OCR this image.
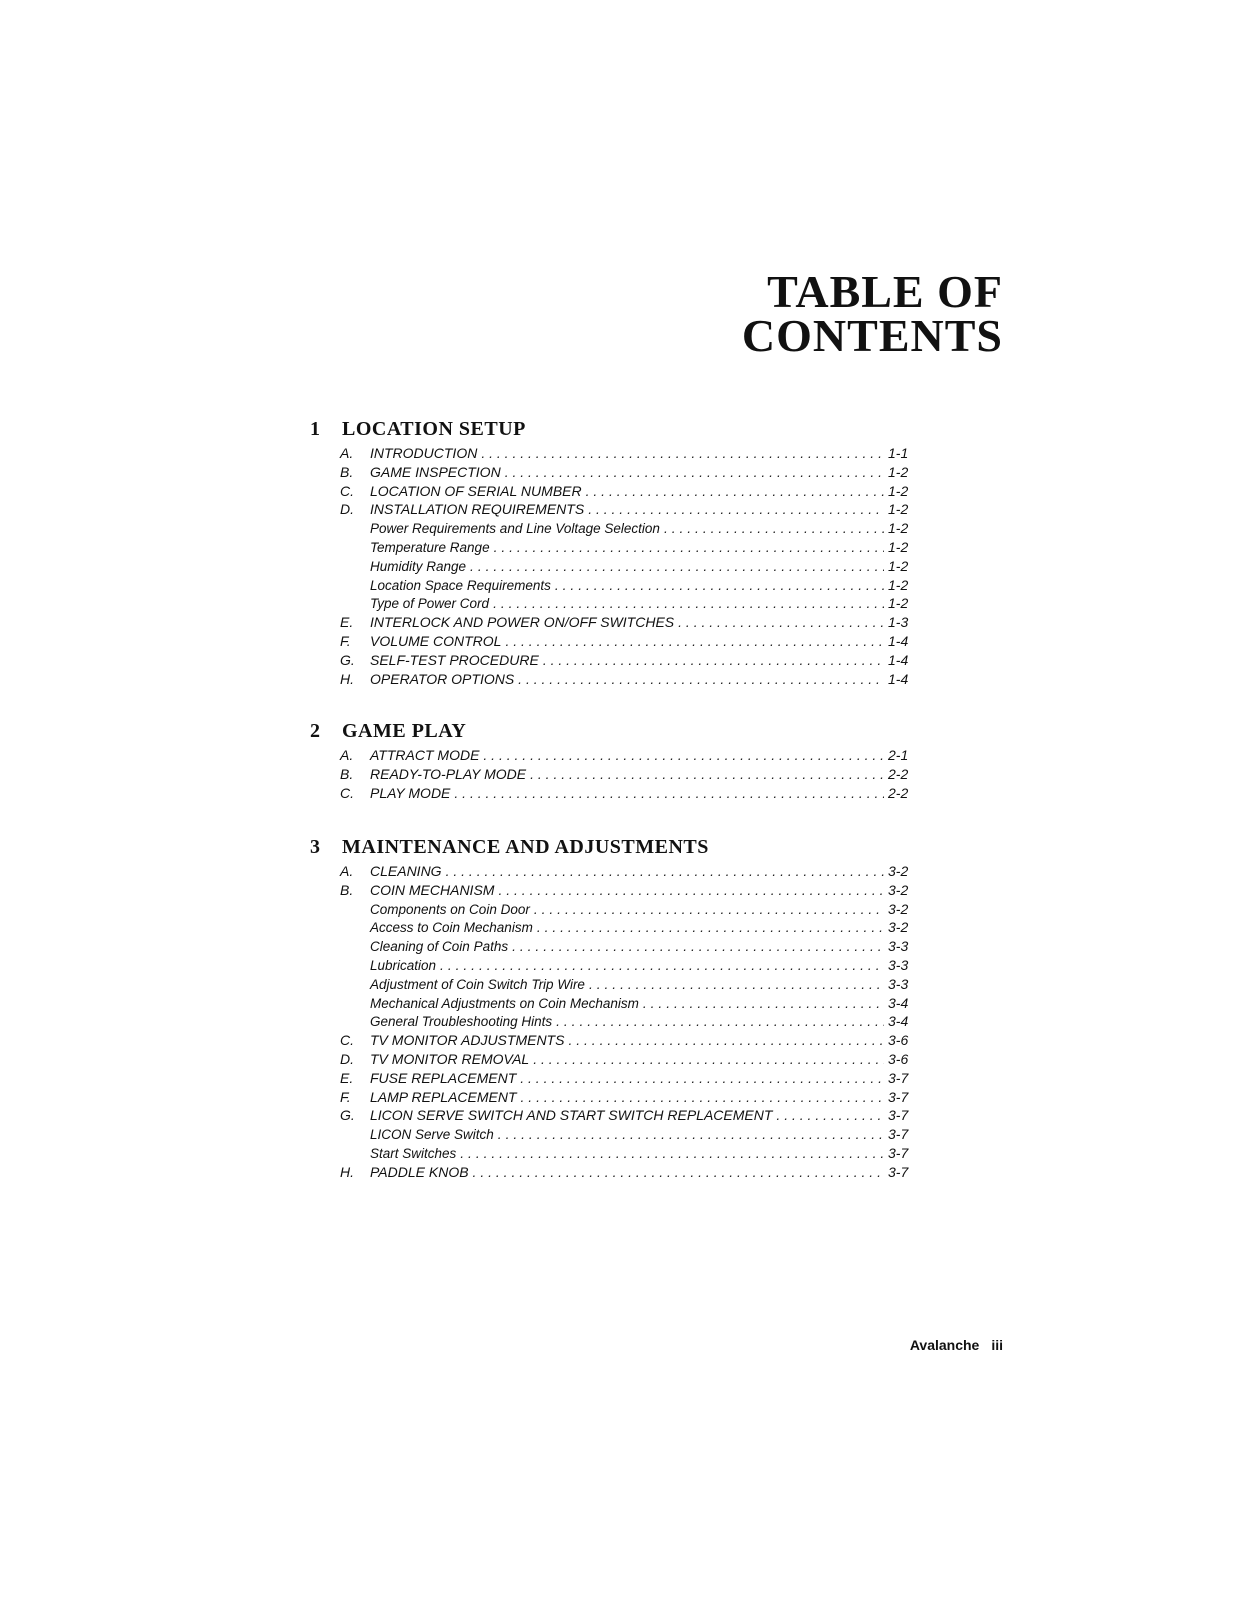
TABLE OF
CONTENTS
1	LOCATION SETUP
A.	INTRODUCTION . . .	1-1
B.	GAME INSPECTION . . .	1-2
C.	LOCATION OF SERIAL NUMBER . . .	1-2
D.	INSTALLATION REQUIREMENTS . . .	1-2
Power Requirements and Line Voltage Selection . . .	1-2
Temperature Range . . .	1-2
Humidity Range . . .	1-2
Location Space Requirements . . .	1-2
Type of Power Cord . . .	1-2
E.	INTERLOCK AND POWER ON/OFF SWITCHES . . .	1-3
F.	VOLUME CONTROL . . .	1-4
G.	SELF-TEST PROCEDURE . . .	1-4
H.	OPERATOR OPTIONS . . .	1-4
2	GAME PLAY
A.	ATTRACT MODE . . .	2-1
B.	READY-TO-PLAY MODE . . .	2-2
C.	PLAY MODE . . .	2-2
3	MAINTENANCE AND ADJUSTMENTS
A.	CLEANING . . .	3-2
B.	COIN MECHANISM . . .	3-2
Components on Coin Door . . .	3-2
Access to Coin Mechanism . . .	3-2
Cleaning of Coin Paths . . .	3-3
Lubrication . . .	3-3
Adjustment of Coin Switch Trip Wire . . .	3-3
Mechanical Adjustments on Coin Mechanism . . .	3-4
General Troubleshooting Hints . . .	3-4
C.	TV MONITOR ADJUSTMENTS . . .	3-6
D.	TV MONITOR REMOVAL . . .	3-6
E.	FUSE REPLACEMENT . . .	3-7
F.	LAMP REPLACEMENT . . .	3-7
G.	LICON SERVE SWITCH AND START SWITCH REPLACEMENT . . .	3-7
LICON Serve Switch . . .	3-7
Start Switches . . .	3-7
H.	PADDLE KNOB . . .	3-7
Avalanche iii
